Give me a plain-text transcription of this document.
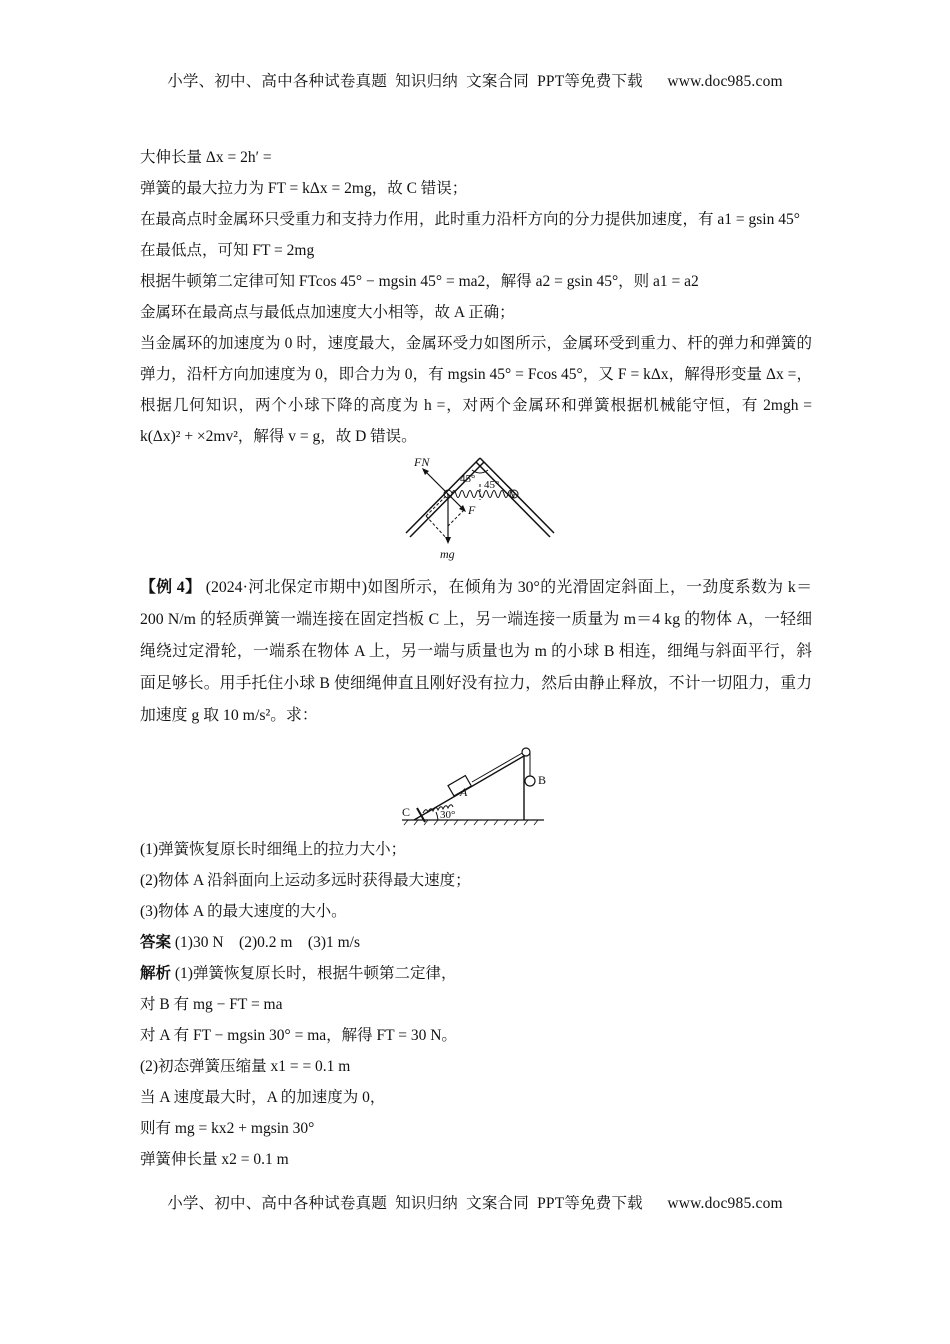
小学、初中、高中各种试卷真题  知识归纳  文案合同  PPT等免费下载      www.doc985.com
大伸长量 Δx = 2h′ =
弹簧的最大拉力为 FT = kΔx = 2mg，故 C 错误；
在最高点时金属环只受重力和支持力作用，此时重力沿杆方向的分力提供加速度，有 a1 = gsin 45°
在最低点，可知 FT = 2mg
根据牛顿第二定律可知 FTcos 45° − mgsin 45° = ma2，解得 a2 = gsin 45°，则 a1 = a2
金属环在最高点与最低点加速度大小相等，故 A 正确；
当金属环的加速度为 0 时，速度最大，金属环受力如图所示，金属环受到重力、杆的弹力和弹簧的弹力，沿杆方向加速度为 0，即合力为 0，有 mgsin 45° = Fcos 45°，又 F = kΔx，解得形变量 Δx =，根据几何知识，两个小球下降的高度为 h =，对两个金属环和弹簧根据机械能守恒，有 2mgh = k(Δx)² + ×2mv²，解得 v = g，故 D 错误。
FN
45° 45°
F
mg
【例 4】 (2024·河北保定市期中)如图所示，在倾角为 30°的光滑固定斜面上，一劲度系数为 k＝200 N/m 的轻质弹簧一端连接在固定挡板 C 上，另一端连接一质量为 m＝4 kg 的物体 A，一轻细绳绕过定滑轮，一端系在物体 A 上，另一端与质量也为 m 的小球 B 相连，细绳与斜面平行，斜面足够长。用手托住小球 B 使细绳伸直且刚好没有拉力，然后由静止释放，不计一切阻力，重力加速度 g 取 10 m/s²。求：
C
A
B
30°
(1)弹簧恢复原长时细绳上的拉力大小；
(2)物体 A 沿斜面向上运动多远时获得最大速度；
(3)物体 A 的最大速度的大小。
答案 (1)30 N　(2)0.2 m　(3)1 m/s
解析 (1)弹簧恢复原长时，根据牛顿第二定律，
对 B 有 mg − FT = ma
对 A 有 FT − mgsin 30° = ma，解得 FT = 30 N。
(2)初态弹簧压缩量 x1 = = 0.1 m
当 A 速度最大时，A 的加速度为 0，
则有 mg = kx2 + mgsin 30°
弹簧伸长量 x2 = 0.1 m
小学、初中、高中各种试卷真题  知识归纳  文案合同  PPT等免费下载      www.doc985.com
